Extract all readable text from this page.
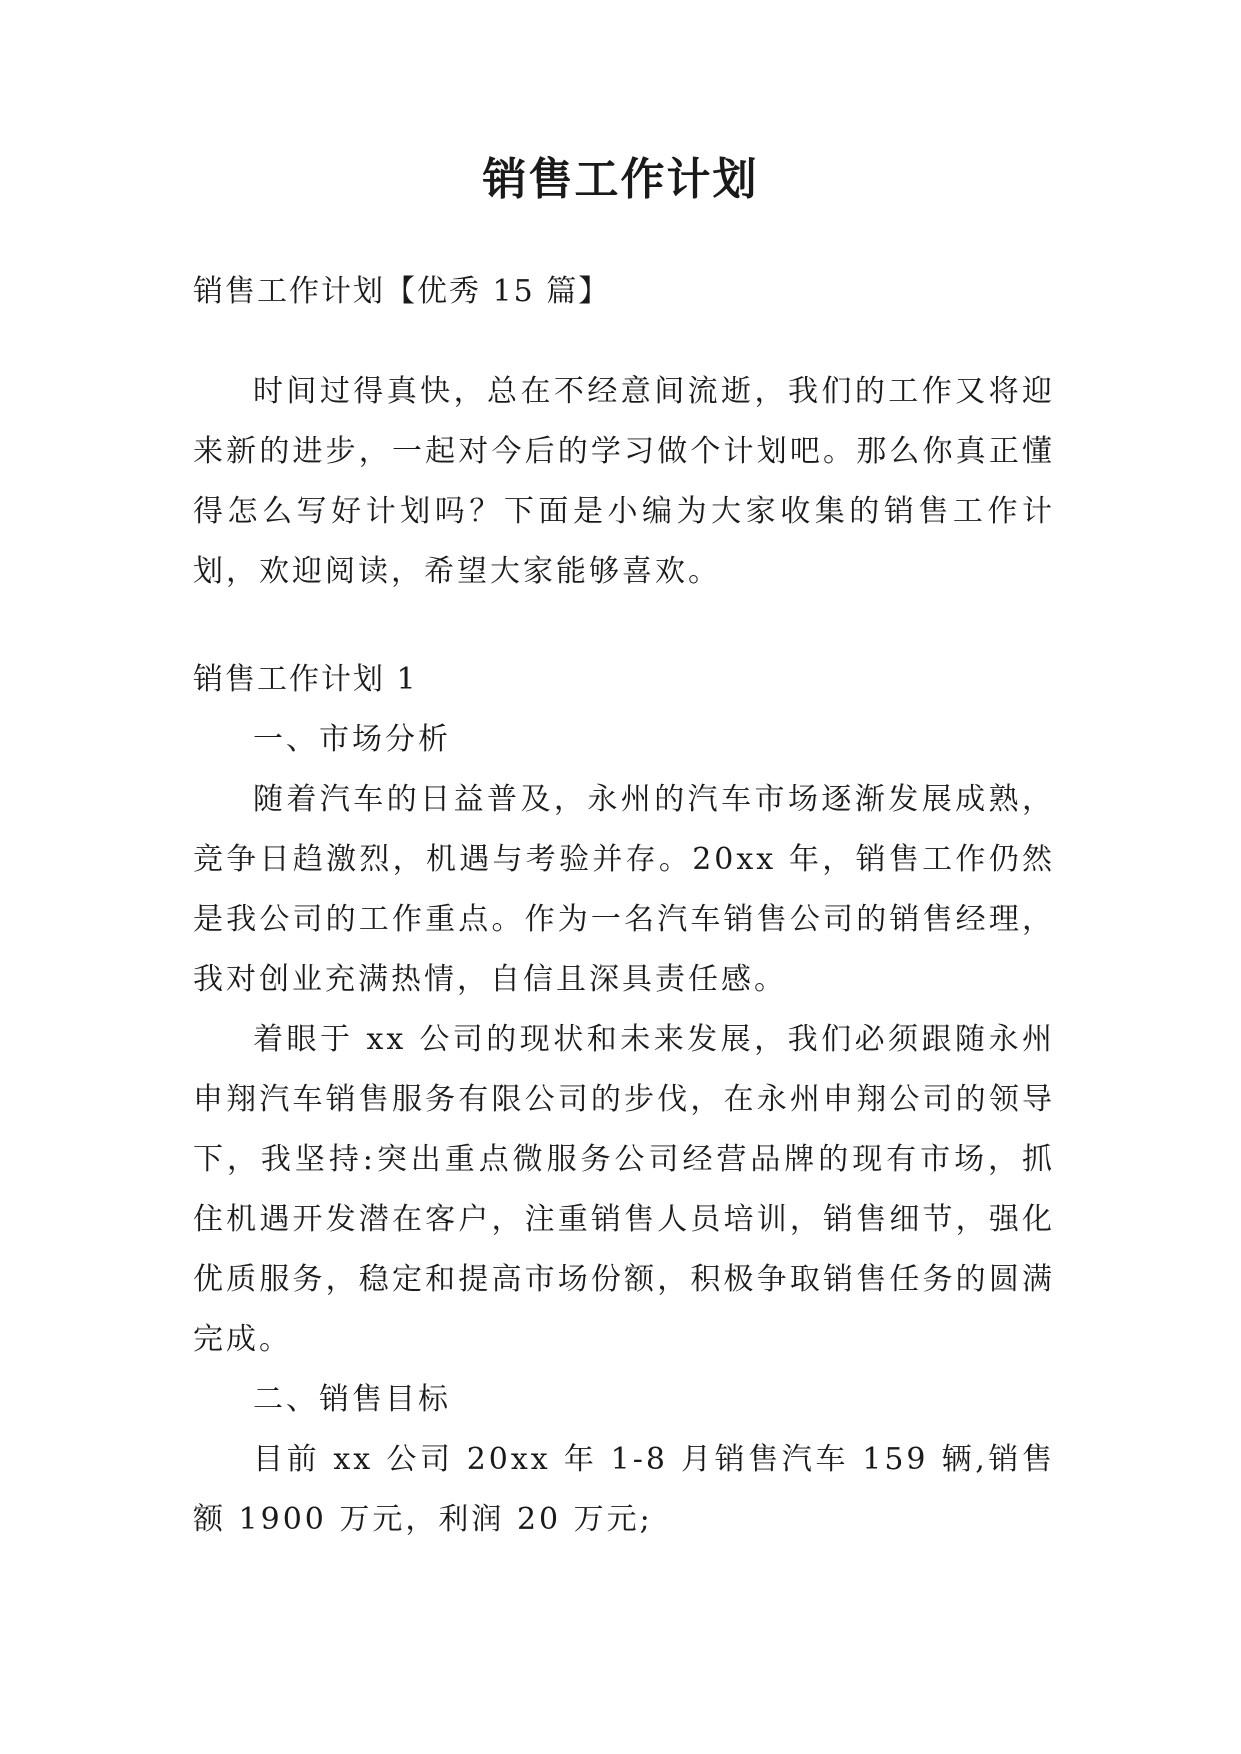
销售工作计划

销售工作计划【优秀 15 篇】

时间过得真快，总在不经意间流逝，我们的工作又将迎来新的进步，一起对今后的学习做个计划吧。那么你真正懂得怎么写好计划吗？下面是小编为大家收集的销售工作计划，欢迎阅读，希望大家能够喜欢。

销售工作计划 1

一、市场分析

随着汽车的日益普及，永州的汽车市场逐渐发展成熟，竞争日趋激烈，机遇与考验并存。20xx 年，销售工作仍然是我公司的工作重点。作为一名汽车销售公司的销售经理，我对创业充满热情，自信且深具责任感。

着眼于 xx 公司的现状和未来发展，我们必须跟随永州申翔汽车销售服务有限公司的步伐，在永州申翔公司的领导下，我坚持:突出重点微服务公司经营品牌的现有市场，抓住机遇开发潜在客户，注重销售人员培训，销售细节，强化优质服务，稳定和提高市场份额，积极争取销售任务的圆满完成。

二、销售目标

目前 xx 公司 20xx 年 1-8 月销售汽车 159 辆,销售额 1900 万元，利润 20 万元;
